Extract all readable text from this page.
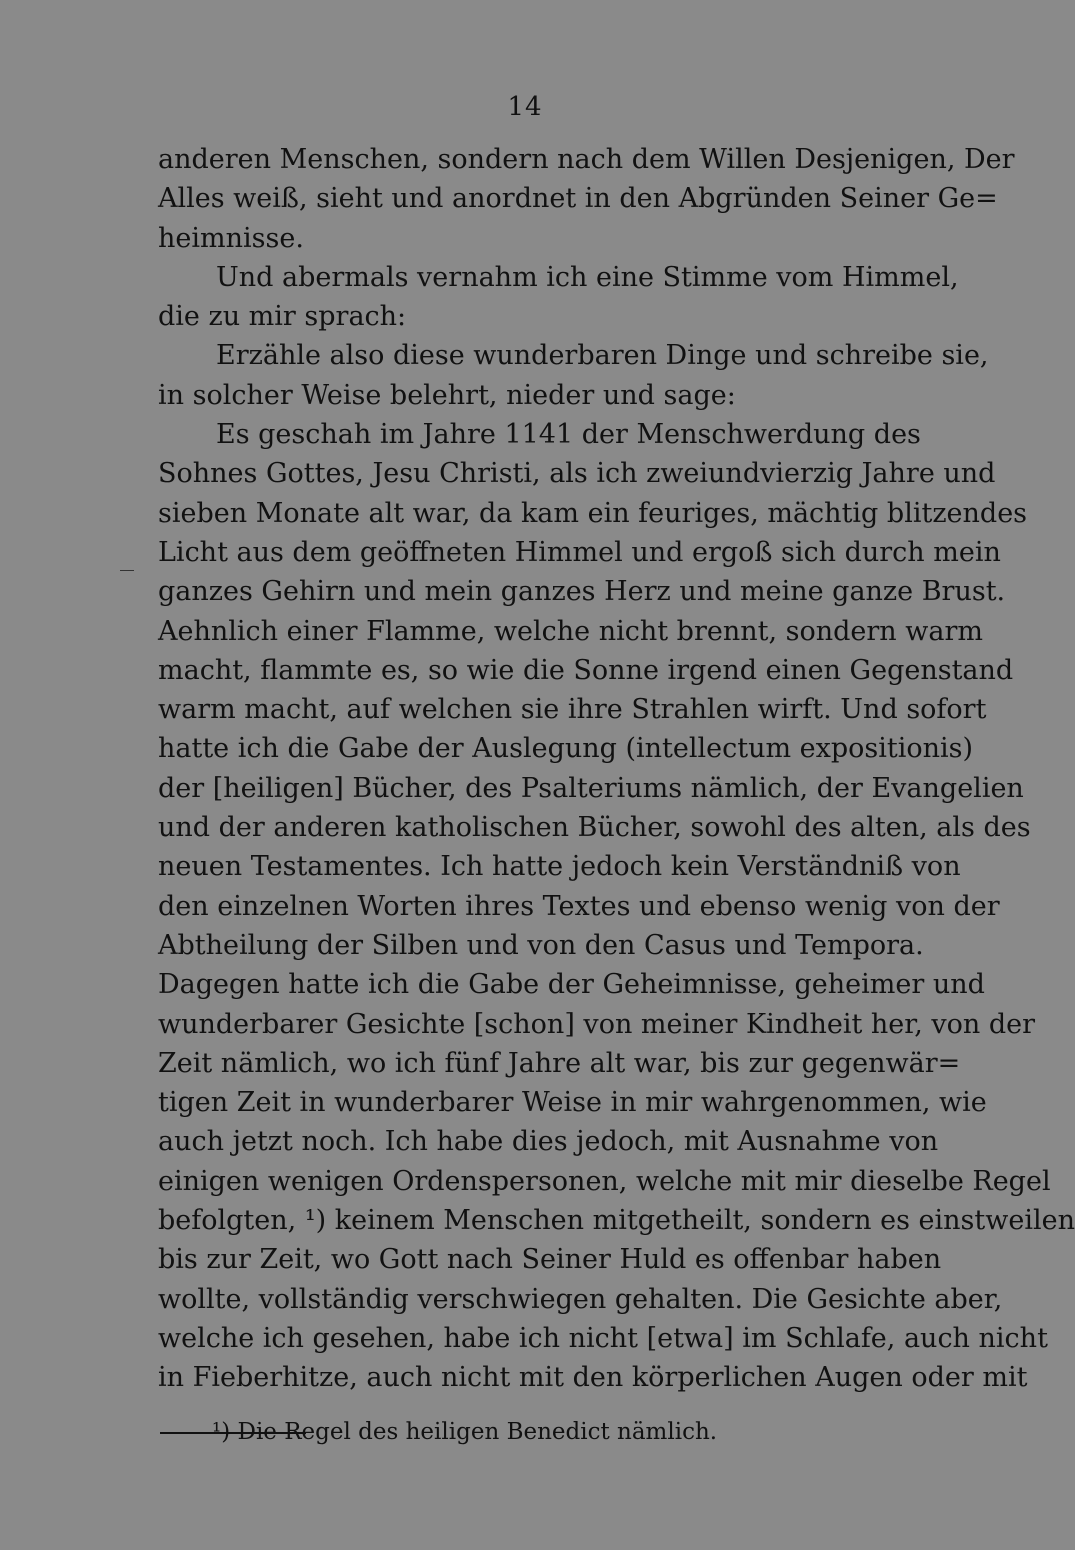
14
anderen Menschen, sondern nach dem Willen Desjenigen, Der
Alles weiß, sieht und anordnet in den Abgründen Seiner Ge=
heimnisse.
Und abermals vernahm ich eine Stimme vom Himmel,
die zu mir sprach:
Erzähle also diese wunderbaren Dinge und schreibe sie,
in solcher Weise belehrt, nieder und sage:
Es geschah im Jahre 1141 der Menschwerdung des
Sohnes Gottes, Jesu Christi, als ich zweiundvierzig Jahre und
sieben Monate alt war, da kam ein feuriges, mächtig blitzendes
Licht aus dem geöffneten Himmel und ergoß sich durch mein
ganzes Gehirn und mein ganzes Herz und meine ganze Brust.
Aehnlich einer Flamme, welche nicht brennt, sondern warm
macht, flammte es, so wie die Sonne irgend einen Gegenstand
warm macht, auf welchen sie ihre Strahlen wirft. Und sofort
hatte ich die Gabe der Auslegung (intellectum expositionis)
der [heiligen] Bücher, des Psalteriums nämlich, der Evangelien
und der anderen katholischen Bücher, sowohl des alten, als des
neuen Testamentes. Ich hatte jedoch kein Verständniß von
den einzelnen Worten ihres Textes und ebenso wenig von der
Abtheilung der Silben und von den Casus und Tempora.
Dagegen hatte ich die Gabe der Geheimnisse, geheimer und
wunderbarer Gesichte [schon] von meiner Kindheit her, von der
Zeit nämlich, wo ich fünf Jahre alt war, bis zur gegenwär=
tigen Zeit in wunderbarer Weise in mir wahrgenommen, wie
auch jetzt noch. Ich habe dies jedoch, mit Ausnahme von
einigen wenigen Ordenspersonen, welche mit mir dieselbe Regel
befolgten, ¹) keinem Menschen mitgetheilt, sondern es einstweilen
bis zur Zeit, wo Gott nach Seiner Huld es offenbar haben
wollte, vollständig verschwiegen gehalten. Die Gesichte aber,
welche ich gesehen, habe ich nicht [etwa] im Schlafe, auch nicht
in Fieberhitze, auch nicht mit den körperlichen Augen oder mit
¹) Die Regel des heiligen Benedict nämlich.
